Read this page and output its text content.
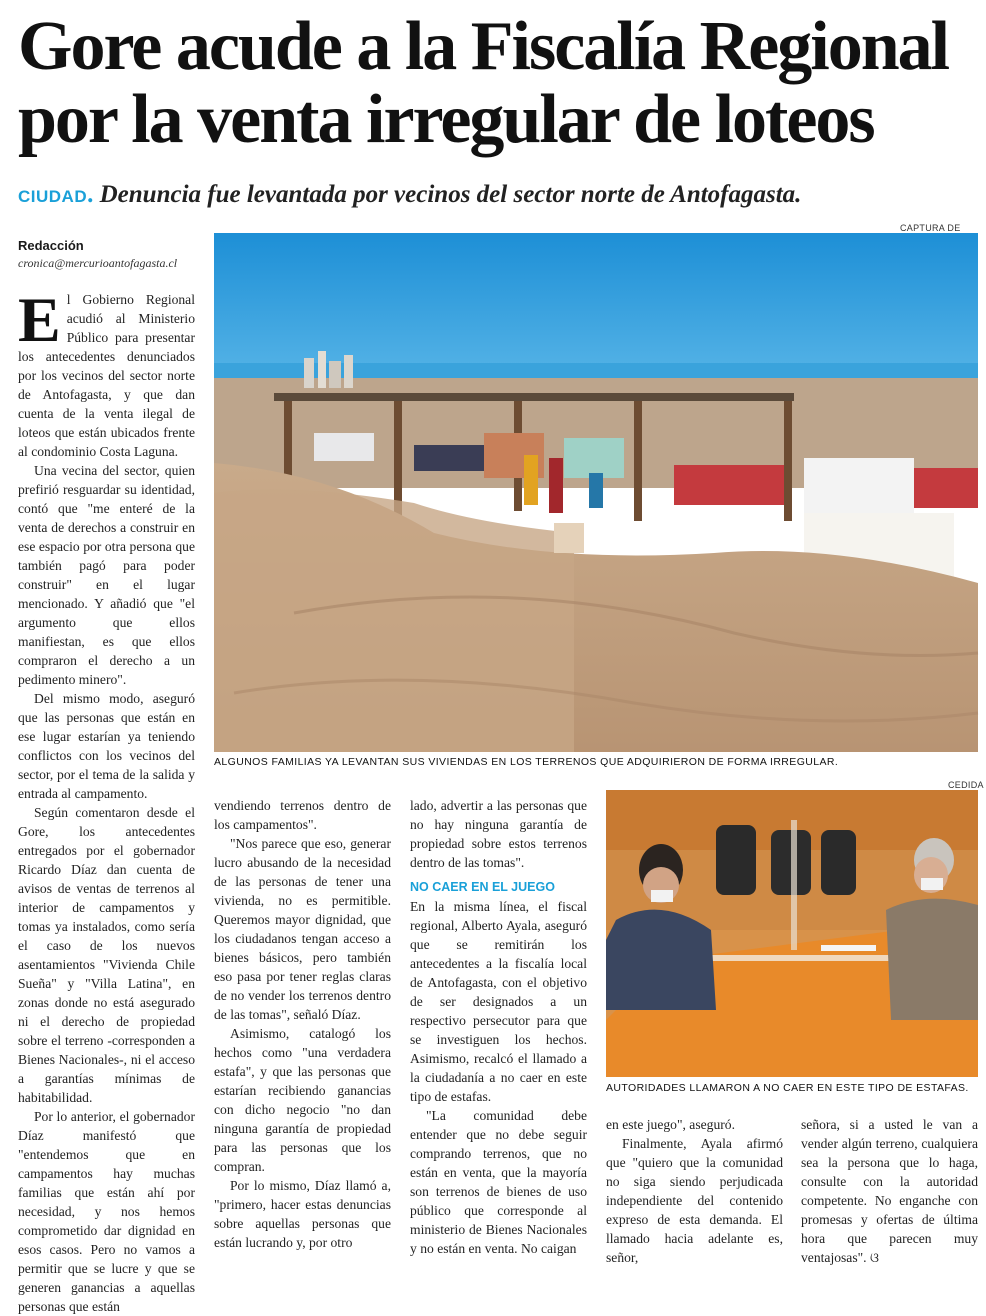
Gore acude a la Fiscalía Regional por la venta irregular de loteos
CIUDAD. Denuncia fue levantada por vecinos del sector norte de Antofagasta.
Redacción
cronica@mercurioantofagasta.cl
CAPTURA DE
ALGUNOS FAMILIAS YA LEVANTAN SUS VIVIENDAS EN LOS TERRENOS QUE ADQUIRIERON DE FORMA IRREGULAR.
CEDIDA
AUTORIDADES LLAMARON A NO CAER EN ESTE TIPO DE ESTAFAS.

El Gobierno Regional acudió al Ministerio Público para presentar los antecedentes denunciados por los vecinos del sector norte de Antofagasta, y que dan cuenta de la venta ilegal de loteos que están ubicados frente al condominio Costa Laguna.

Una vecina del sector, quien prefirió resguardar su identidad, contó que "me enteré de la venta de derechos a construir en ese espacio por otra persona que también pagó para poder construir" en el lugar mencionado. Y añadió que "el argumento que ellos manifiestan, es que ellos compraron el derecho a un pedimento minero".

Del mismo modo, aseguró que las personas que están en ese lugar estarían ya teniendo conflictos con los vecinos del sector, por el tema de la salida y entrada al campamento.

Según comentaron desde el Gore, los antecedentes entregados por el gobernador Ricardo Díaz dan cuenta de avisos de ventas de terrenos al interior de campamentos y tomas ya instalados, como sería el caso de los nuevos asentamientos "Vivienda Chile Sueña" y "Villa Latina", en zonas donde no está asegurado ni el derecho de propiedad sobre el terreno -corresponden a Bienes Nacionales-, ni el acceso a garantías mínimas de habitabilidad.

Por lo anterior, el gobernador Díaz manifestó que "entendemos que en campamentos hay muchas familias que están ahí por necesidad, y nos hemos comprometido dar dignidad en esos casos. Pero no vamos a permitir que se lucre y que se generen ganancias a aquellas personas que están

vendiendo terrenos dentro de los campamentos".

"Nos parece que eso, generar lucro abusando de la necesidad de las personas de tener una vivienda, no es permitible. Queremos mayor dignidad, que los ciudadanos tengan acceso a bienes básicos, pero también eso pasa por tener reglas claras de no vender los terrenos dentro de las tomas", señaló Díaz.

Asimismo, catalogó los hechos como "una verdadera estafa", y que las personas que estarían recibiendo ganancias con dicho negocio "no dan ninguna garantía de propiedad para las personas que los compran.

Por lo mismo, Díaz llamó a, "primero, hacer estas denuncias sobre aquellas personas que están lucrando y, por otro

lado, advertir a las personas que no hay ninguna garantía de propiedad sobre estos terrenos dentro de las tomas".

NO CAER EN EL JUEGO

En la misma línea, el fiscal regional, Alberto Ayala, aseguró que se remitirán los antecedentes a la fiscalía local de Antofagasta, con el objetivo de ser designados a un respectivo persecutor para que se investiguen los hechos. Asimismo, recalcó el llamado a la ciudadanía a no caer en este tipo de estafas.

"La comunidad debe entender que no debe seguir comprando terrenos, que no están en venta, que la mayoría son terrenos de bienes de uso público que corresponde al ministerio de Bienes Nacionales y no están en venta. No caigan

en este juego", aseguró.

Finalmente, Ayala afirmó que "quiero que la comunidad no siga siendo perjudicada independiente del contenido expreso de esta demanda. El llamado hacia adelante es, señor,

señora, si a usted le van a vender algún terreno, cualquiera sea la persona que lo haga, consulte con la autoridad competente. No enganche con promesas y ofertas de última hora que parecen muy ventajosas". ଓ
